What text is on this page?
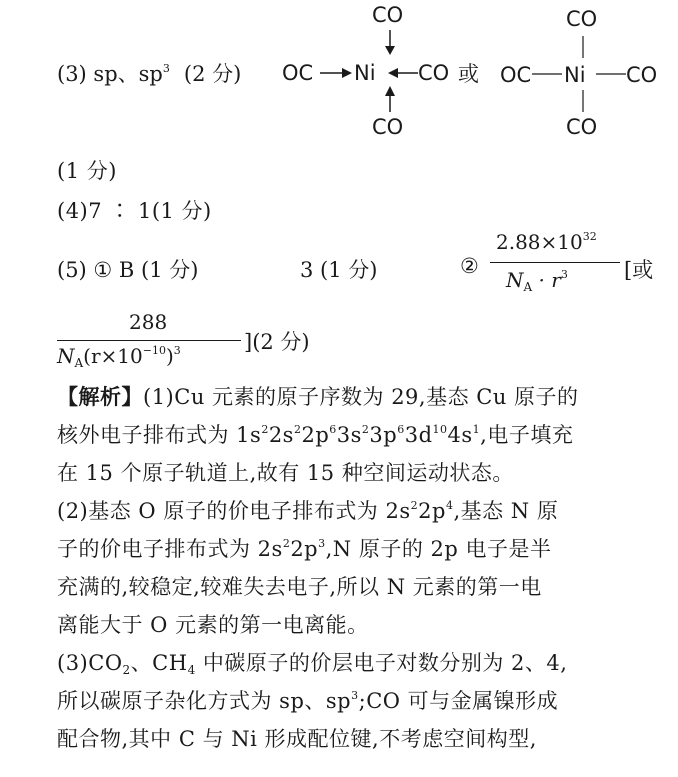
(3) sp、$sp^3$ (2 分)
CO
OC Ni CO
CO
或
CO
OC Ni CO
CO
(1 分)
(4)7 ∶ 1(1 分)
(5) ① B (1 分)	3 (1 分)	②
$2.88\times 10^{32}$
$N_A \cdot r^3$	[或
288
$N_A(r\times 10^{-10})^3$	](2 分)
【解析】(1)Cu 元素的原子序数为 29,基态 Cu 原子的
核外电子排布式为 $1s^22s^22p^63s^23p^63d^{10}4s^1$,电子填充
在 15 个原子轨道上,故有 15 种空间运动状态。
(2)基态 O 原子的价电子排布式为 $2s^22p^4$,基态 N 原
子的价电子排布式为 $2s^22p^3,N$ 原子的 2p 电子是半
充满的,较稳定,较难失去电子,所以 N 元素的第一电
离能大于 O 元素的第一电离能。
$(3)CO_2$、$CH_4$ 中碳原子的价层电子对数分别为 2、4,
所以碳原子杂化方式为 sp、$sp^3;CO$ 可与金属镍形成
配合物,其中 C 与 Ni 形成配位键,不考虑空间构型,
